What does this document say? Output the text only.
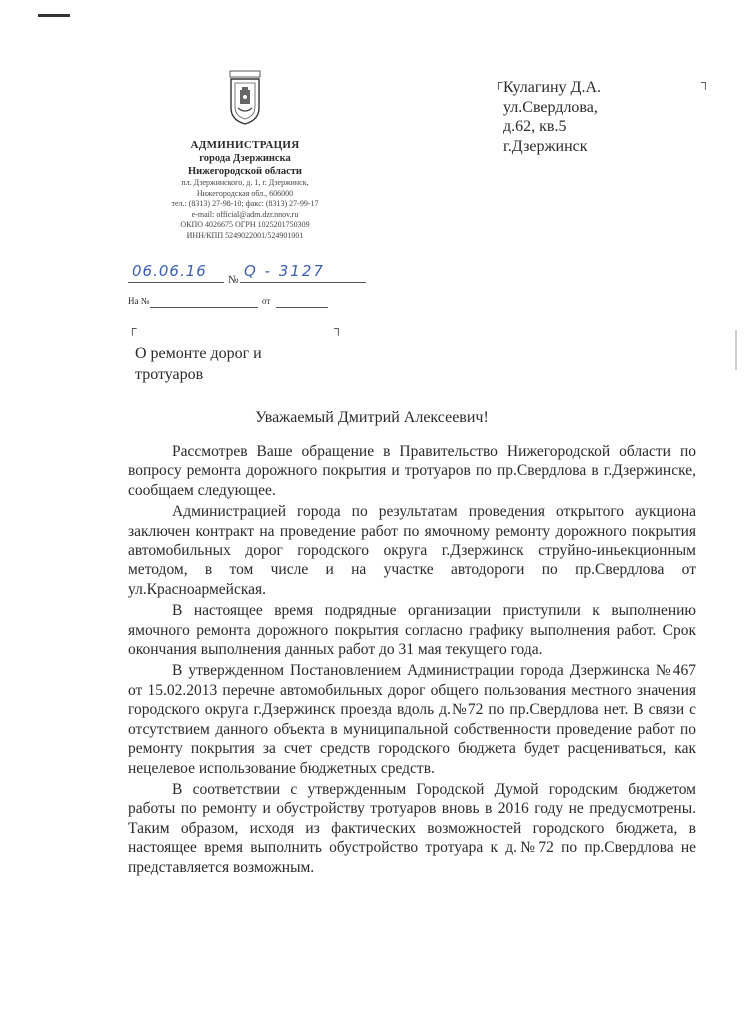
АДМИНИСТРАЦИЯ
города Дзержинска
Нижегородской области
пл. Дзержинского, д. 1, г. Дзержинск,
Нижегородская обл., 606000
тел.: (8313) 27-98-10; факс: (8313) 27-99-17
e-mail: official@adm.dzr.nnov.ru
ОКПО 4026675 ОГРН 1025201750309
ИНН/КПП 5249022001/524901001
┌	┐
Кулагину Д.А.
ул.Свердлова,
д.62, кв.5
г.Дзержинск
06.06.16 № Q - 3127
На №	от
┌	┐
О ремонте дорог и
тротуаров
Уважаемый Дмитрий Алексеевич!

Рассмотрев Ваше обращение в Правительство Нижегородской области по вопросу ремонта дорожного покрытия и тротуаров по пр.Свердлова в г.Дзержинске, сообщаем следующее.

Администрацией города по результатам проведения открытого аукциона заключен контракт на проведение работ по ямочному ремонту дорожного покрытия автомобильных дорог городского округа г.Дзержинск струйно-иньекционным методом, в том числе и на участке автодороги по пр.Свердлова от ул.Красноармейская.

В настоящее время подрядные организации приступили к выполнению ямочного ремонта дорожного покрытия согласно графику выполнения работ. Срок окончания выполнения данных работ до 31 мая текущего года.

В утвержденном Постановлением Администрации города Дзержинска №467 от 15.02.2013 перечне автомобильных дорог общего пользования местного значения городского округа г.Дзержинск проезда вдоль д.№72 по пр.Свердлова нет. В связи с отсутствием данного объекта в муниципальной собственности проведение работ по ремонту покрытия за счет средств городского бюджета будет расцениваться, как нецелевое использование бюджетных средств.

В соответствии с утвержденным Городской Думой городским бюджетом работы по ремонту и обустройству тротуаров вновь в 2016 году не предусмотрены. Таким образом, исходя из фактических возможностей городского бюджета, в настоящее время выполнить обустройство тротуара к д.№72 по пр.Свердлова не представляется возможным.
